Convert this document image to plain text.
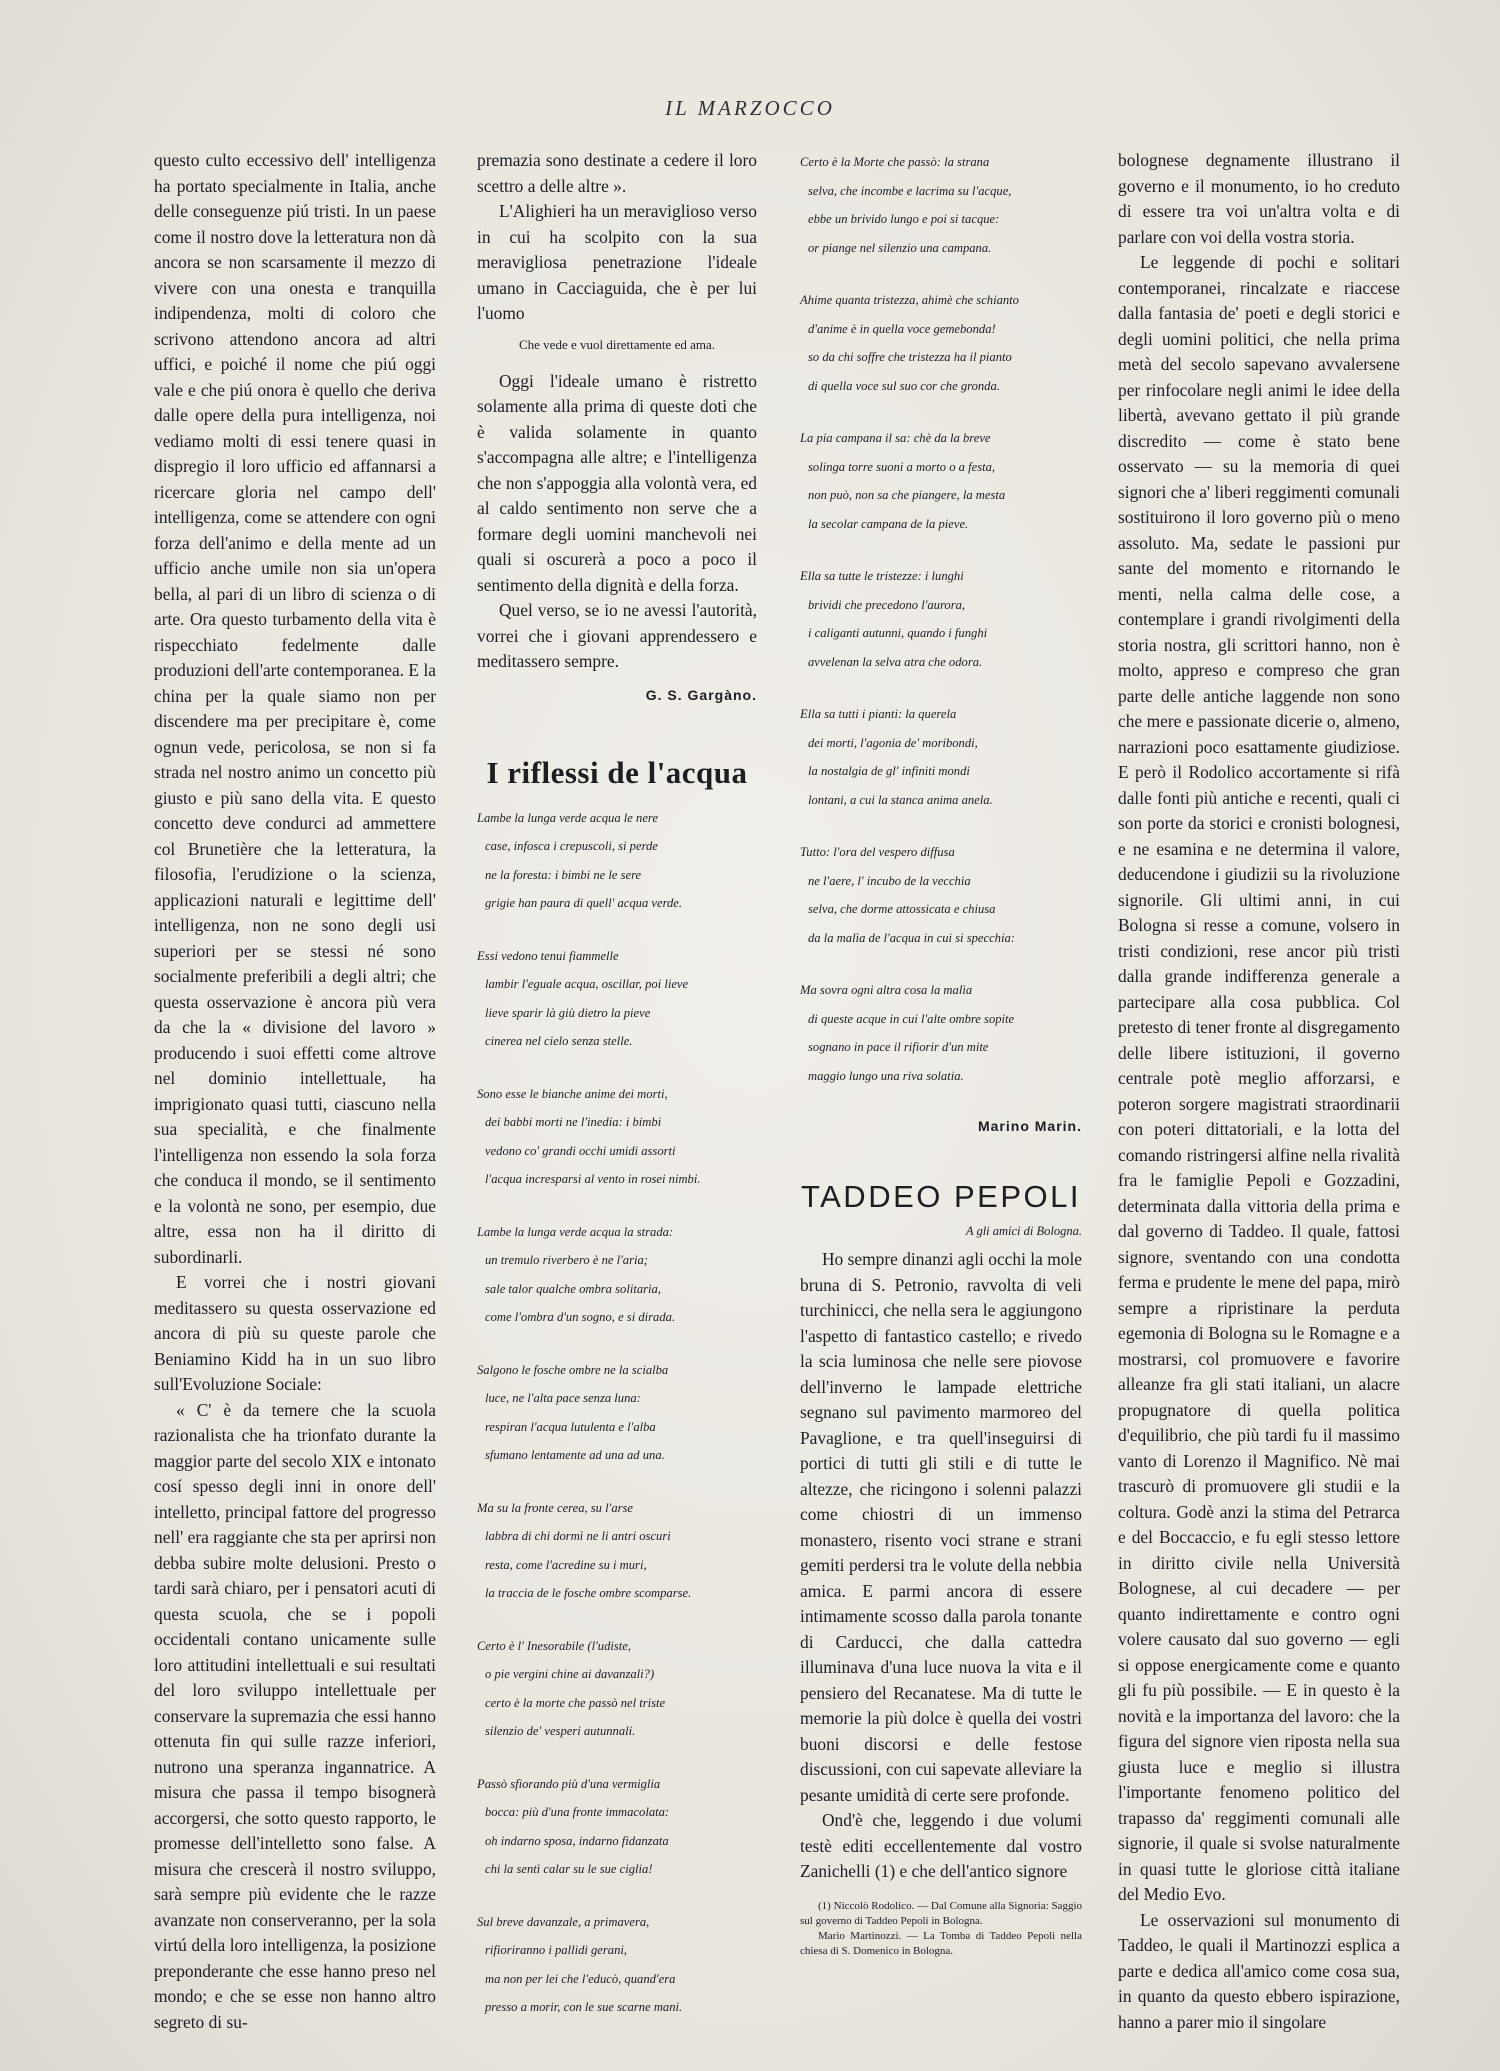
IL MARZOCCO

questo culto eccessivo dell' intelligenza ha portato specialmente in Italia, anche delle conseguenze piú tristi. In un paese come il nostro dove la letteratura non dà ancora se non scarsamente il mezzo di vivere con una onesta e tranquilla indipendenza, molti di coloro che scrivono attendono ancora ad altri uffici, e poiché il nome che piú oggi vale e che piú onora è quello che deriva dalle opere della pura intelligenza, noi vediamo molti di essi tenere quasi in dispregio il loro ufficio ed affannarsi a ricercare gloria nel campo dell' intelligenza, come se attendere con ogni forza dell'animo e della mente ad un ufficio anche umile non sia un'opera bella, al pari di un libro di scienza o di arte. Ora questo turbamento della vita è rispecchiato fedelmente dalle produzioni dell'arte contemporanea. E la china per la quale siamo non per discendere ma per precipitare è, come ognun vede, pericolosa, se non si fa strada nel nostro animo un concetto più giusto e più sano della vita. E questo concetto deve condurci ad ammettere col Brunetière che la letteratura, la filosofia, l'erudizione o la scienza, applicazioni naturali e legittime dell' intelligenza, non ne sono degli usi superiori per se stessi né sono socialmente preferibili a degli altri; che questa osservazione è ancora più vera da che la « divisione del lavoro » producendo i suoi effetti come altrove nel dominio intellettuale, ha imprigionato quasi tutti, ciascuno nella sua specialità, e che finalmente l'intelligenza non essendo la sola forza che conduca il mondo, se il sentimento e la volontà ne sono, per esempio, due altre, essa non ha il diritto di subordinarli.

E vorrei che i nostri giovani meditassero su questa osservazione ed ancora di più su queste parole che Beniamino Kidd ha in un suo libro sull'Evoluzione Sociale:

« C' è da temere che la scuola razionalista che ha trionfato durante la maggior parte del secolo XIX e intonato cosí spesso degli inni in onore dell' intelletto, principal fattore del progresso nell' era raggiante che sta per aprirsi non debba subire molte delusioni. Presto o tardi sarà chiaro, per i pensatori acuti di questa scuola, che se i popoli occidentali contano unicamente sulle loro attitudini intellettuali e sui resultati del loro sviluppo intellettuale per conservare la supremazia che essi hanno ottenuta fin qui sulle razze inferiori, nutrono una speranza ingannatrice. A misura che passa il tempo bisognerà accorgersi, che sotto questo rapporto, le promesse dell'intelletto sono false. A misura che crescerà il nostro sviluppo, sarà sempre più evidente che le razze avanzate non conserveranno, per la sola virtú della loro intelligenza, la posizione preponderante che esse hanno preso nel mondo; e che se esse non hanno altro segreto di su-

premazia sono destinate a cedere il loro scettro a delle altre ».

L'Alighieri ha un meraviglioso verso in cui ha scolpito con la sua meravigliosa penetrazione l'ideale umano in Cacciaguida, che è per lui l'uomo

Che vede e vuol direttamente ed ama.

Oggi l'ideale umano è ristretto solamente alla prima di queste doti che è valida solamente in quanto s'accompagna alle altre; e l'intelligenza che non s'appoggia alla volontà vera, ed al caldo sentimento non serve che a formare degli uomini manchevoli nei quali si oscurerà a poco a poco il sentimento della dignità e della forza.

Quel verso, se io ne avessi l'autorità, vorrei che i giovani apprendessero e meditassero sempre.

G. S. Gargàno.
I riflessi de l'acqua
Lambe la lunga verde acqua le nere
case, infosca i crepuscoli, si perde
ne la foresta: i bimbi ne le sere
grigie han paura di quell' acqua verde.
Essi vedono tenui fiammelle
lambir l'eguale acqua, oscillar, poi lieve
lieve sparir là giù dietro la pieve
cinerea nel cielo senza stelle.
Sono esse le bianche anime dei morti,
dei babbi morti ne l'inedia: i bimbi
vedono co' grandi occhi umidi assorti
l'acqua incresparsi al vento in rosei nimbi.
Lambe la lunga verde acqua la strada:
un tremulo riverbero è ne l'aria;
sale talor qualche ombra solitaria,
come l'ombra d'un sogno, e si dirada.
Salgono le fosche ombre ne la scialba
luce, ne l'alta pace senza luna:
respiran l'acqua lutulenta e l'alba
sfumano lentamente ad una ad una.
Ma su la fronte cerea, su l'arse
labbra di chi dormì ne li antri oscuri
resta, come l'acredine su i muri,
la traccia de le fosche ombre scomparse.
Certo è l' Inesorabile (l'udiste,
o pie vergini chine ai davanzali?)
certo è la morte che passò nel triste
silenzio de' vesperi autunnali.
Passò sfiorando più d'una vermiglia
bocca: più d'una fronte immacolata:
oh indarno sposa, indarno fidanzata
chi la sentì calar su le sue ciglia!
Sul breve davanzale, a primavera,
rifioriranno i pallidi gerani,
ma non per lei che l'educò, quand'era
presso a morir, con le sue scarne mani.
Certo è la Morte che passò: la strana
selva, che incombe e lacrima su l'acque,
ebbe un brivido lungo e poi si tacque:
or piange nel silenzio una campana.
Ahime quanta tristezza, ahimè che schianto
d'anime è in quella voce gemebonda!
so da chi soffre che tristezza ha il pianto
di quella voce sul suo cor che gronda.
La pia campana il sa: chè da la breve
solinga torre suoni a morto o a festa,
non può, non sa che piangere, la mesta
la secolar campana de la pieve.
Ella sa tutte le tristezze: i lunghi
brividi che precedono l'aurora,
i caliganti autunni, quando i funghi
avvelenan la selva atra che odora.
Ella sa tutti i pianti: la querela
dei morti, l'agonia de' moribondi,
la nostalgia de gl' infiniti mondi
lontani, a cui la stanca anima anela.
Tutto: l'ora del vespero diffusa
ne l'aere, l' incubo de la vecchia
selva, che dorme attossicata e chiusa
da la malìa de l'acqua in cui si specchia:
Ma sovra ogni altra cosa la malìa
di queste acque in cui l'alte ombre sopite
sognano in pace il rifiorir d'un mite
maggio lungo una riva solatia.
Marino Marin.
TADDEO PEPOLI
A gli amici di Bologna.

Ho sempre dinanzi agli occhi la mole bruna di S. Petronio, ravvolta di veli turchinicci, che nella sera le aggiungono l'aspetto di fantastico castello; e rivedo la scia luminosa che nelle sere piovose dell'inverno le lampade elettriche segnano sul pavimento marmoreo del Pavaglione, e tra quell'inseguirsi di portici di tutti gli stili e di tutte le altezze, che ricingono i solenni palazzi come chiostri di un immenso monastero, risento voci strane e strani gemiti perdersi tra le volute della nebbia amica. E parmi ancora di essere intimamente scosso dalla parola tonante di Carducci, che dalla cattedra illuminava d'una luce nuova la vita e il pensiero del Recanatese. Ma di tutte le memorie la più dolce è quella dei vostri buoni discorsi e delle festose discussioni, con cui sapevate alleviare la pesante umidità di certe sere profonde.

Ond'è che, leggendo i due volumi testè editi eccellentemente dal vostro Zanichelli (1) e che dell'antico signore

(1) Niccolò Rodolico. — Dal Comune alla Signoria: Saggio sul governo di Taddeo Pepoli in Bologna.
Mario Martinozzi. — La Tomba di Taddeo Pepoli nella chiesa di S. Domenico in Bologna.

bolognese degnamente illustrano il governo e il monumento, io ho creduto di essere tra voi un'altra volta e di parlare con voi della vostra storia.

Le leggende di pochi e solitari contemporanei, rincalzate e riaccese dalla fantasia de' poeti e degli storici e degli uomini politici, che nella prima metà del secolo sapevano avvalersene per rinfocolare negli animi le idee della libertà, avevano gettato il più grande discredito — come è stato bene osservato — su la memoria di quei signori che a' liberi reggimenti comunali sostituirono il loro governo più o meno assoluto. Ma, sedate le passioni pur sante del momento e ritornando le menti, nella calma delle cose, a contemplare i grandi rivolgimenti della storia nostra, gli scrittori hanno, non è molto, appreso e compreso che gran parte delle antiche laggende non sono che mere e passionate dicerie o, almeno, narrazioni poco esattamente giudiziose. E però il Rodolico accortamente si rifà dalle fonti più antiche e recenti, quali ci son porte da storici e cronisti bolognesi, e ne esamina e ne determina il valore, deducendone i giudizii su la rivoluzione signorile. Gli ultimi anni, in cui Bologna si resse a comune, volsero in tristi condizioni, rese ancor più tristi dalla grande indifferenza generale a partecipare alla cosa pubblica. Col pretesto di tener fronte al disgregamento delle libere istituzioni, il governo centrale potè meglio afforzarsi, e poteron sorgere magistrati straordinarii con poteri dittatoriali, e la lotta del comando ristringersi alfine nella rivalità fra le famiglie Pepoli e Gozzadini, determinata dalla vittoria della prima e dal governo di Taddeo. Il quale, fattosi signore, sventando con una condotta ferma e prudente le mene del papa, mirò sempre a ripristinare la perduta egemonia di Bologna su le Romagne e a mostrarsi, col promuovere e favorire alleanze fra gli stati italiani, un alacre propugnatore di quella politica d'equilibrio, che più tardi fu il massimo vanto di Lorenzo il Magnifico. Nè mai trascurò di promuovere gli studii e la coltura. Godè anzi la stima del Petrarca e del Boccaccio, e fu egli stesso lettore in diritto civile nella Università Bolognese, al cui decadere — per quanto indirettamente e contro ogni volere causato dal suo governo — egli si oppose energicamente come e quanto gli fu più possibile. — E in questo è la novità e la importanza del lavoro: che la figura del signore vien riposta nella sua giusta luce e meglio si illustra l'importante fenomeno politico del trapasso da' reggimenti comunali alle signorie, il quale si svolse naturalmente in quasi tutte le gloriose città italiane del Medio Evo.

Le osservazioni sul monumento di Taddeo, le quali il Martinozzi esplica a parte e dedica all'amico come cosa sua, in quanto da questo ebbero ispirazione, hanno a parer mio il singolare
